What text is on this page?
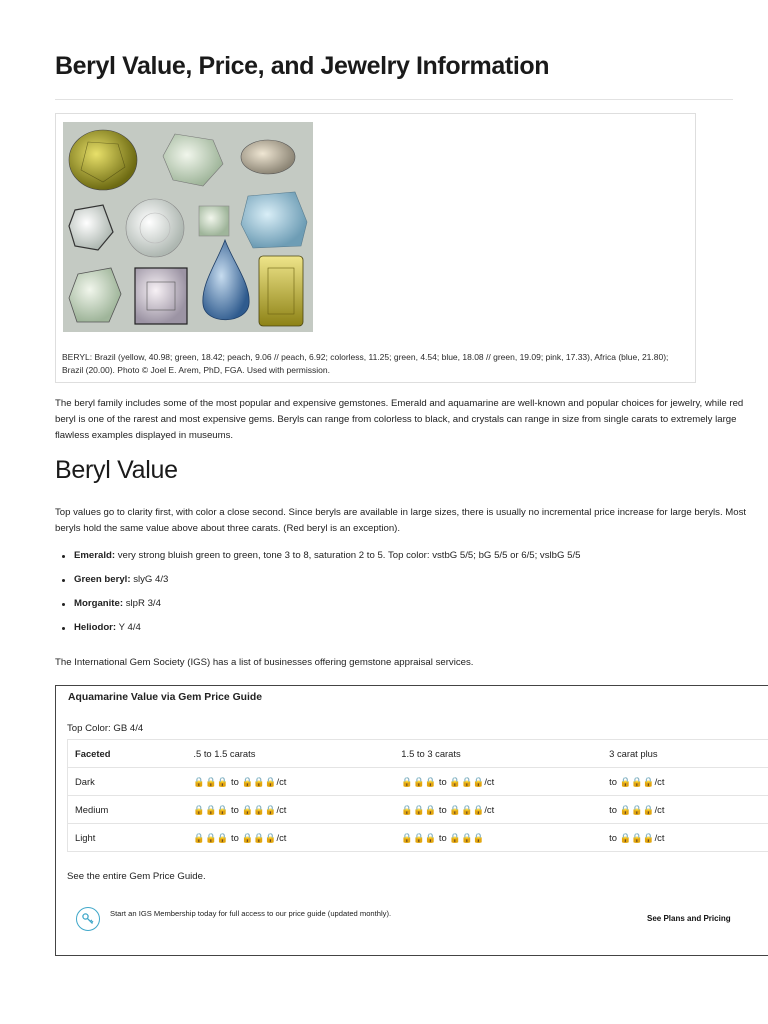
Beryl Value, Price, and Jewelry Information

BERYL: Brazil (yellow, 40.98; green, 18.42; peach, 9.06 // peach, 6.92; colorless, 11.25; green, 4.54; blue, 18.08 // green, 19.09; pink, 17.33), Africa (blue, 21.80); Brazil (20.00). Photo © Joel E. Arem, PhD, FGA. Used with permission.

The beryl family includes some of the most popular and expensive gemstones. Emerald and aquamarine are well-known and popular choices for jewelry, while red
beryl is one of the rarest and most expensive gems. Beryls can range from colorless to black, and crystals can range in size from single carats to extremely large
flawless examples displayed in museums.

Beryl Value

Top values go to clarity first, with color a close second. Since beryls are available in large sizes, there is usually no incremental price increase for large beryls. Most
beryls hold the same value above about three carats. (Red beryl is an exception).

Emerald: very strong bluish green to green, tone 3 to 8, saturation 2 to 5. Top color: vstbG 5/5; bG 5/5 or 6/5; vslbG 5/5
Green beryl: slyG 4/3
Morganite: slpR 3/4
Heliodor: Y 4/4

The International Gem Society (IGS) has a list of businesses offering gemstone appraisal services.

Aquamarine Value via Gem Price Guide
Top Color: GB 4/4
Faceted	.5 to 1.5 carats	1.5 to 3 carats	3 carat plus
Dark	🔒🔒🔒 to 🔒🔒🔒/ct	🔒🔒🔒 to 🔒🔒🔒/ct	to 🔒🔒🔒/ct
Medium	🔒🔒🔒 to 🔒🔒🔒/ct	🔒🔒🔒 to 🔒🔒🔒/ct	to 🔒🔒🔒/ct
Light	🔒🔒🔒 to 🔒🔒🔒/ct	🔒🔒🔒 to 🔒🔒🔒	to 🔒🔒🔒/ct
See the entire Gem Price Guide.
Start an IGS Membership today for full access to our price guide (updated monthly).
See Plans and Pricing
